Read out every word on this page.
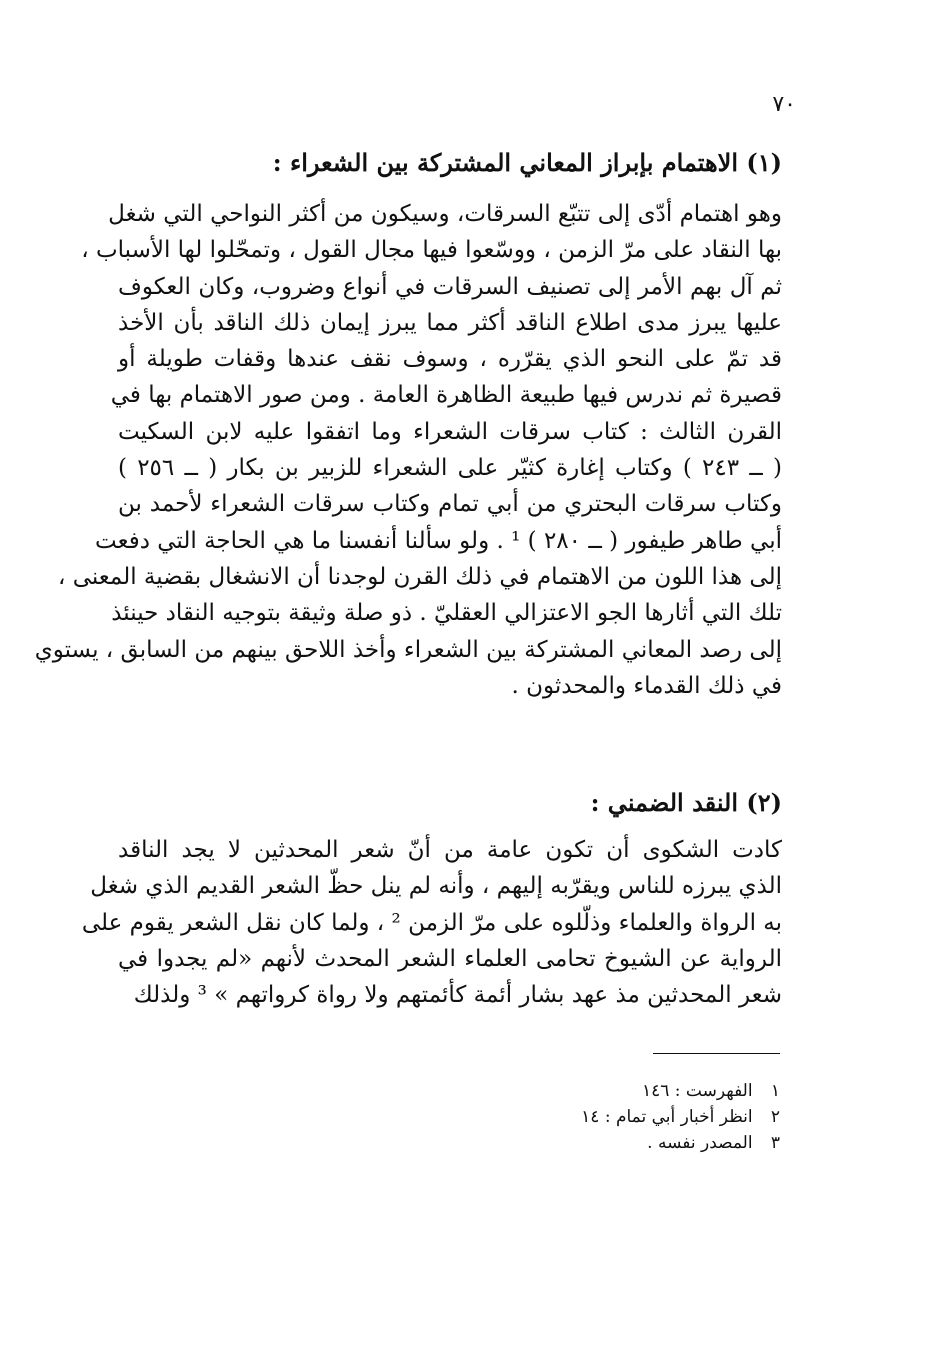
٧٠
(١) الاهتمام بإبراز المعاني المشتركة بين الشعراء :
وهو اهتمام أدّى إلى تتبّع السرقات، وسيكون من أكثر النواحي التي شغل
بها النقاد على مرّ الزمن ، ووسّعوا فيها مجال القول ، وتمحّلوا لها الأسباب ،
ثم آل بهم الأمر إلى تصنيف السرقات في أنواع وضروب، وكان العكوف
عليها يبرز مدى اطلاع الناقد أكثر مما يبرز إيمان ذلك الناقد بأن الأخذ
قد تمّ على النحو الذي يقرّره ، وسوف نقف عندها وقفات طويلة أو
قصيرة ثم ندرس فيها طبيعة الظاهرة العامة . ومن صور الاهتمام بها في
القرن الثالث : كتاب سرقات الشعراء وما اتفقوا عليه لابن السكيت
( ــ ٢٤٣ ) وكتاب إغارة كثيّر على الشعراء للزبير بن بكار ( ــ ٢٥٦ )
وكتاب سرقات البحتري من أبي تمام وكتاب سرقات الشعراء لأحمد بن
أبي طاهر طيفور ( ــ ٢٨٠ ) ¹ . ولو سألنا أنفسنا ما هي الحاجة التي دفعت
إلى هذا اللون من الاهتمام في ذلك القرن لوجدنا أن الانشغال بقضية المعنى ،
تلك التي أثارها الجو الاعتزالي العقليّ . ذو صلة وثيقة بتوجيه النقاد حينئذ
إلى رصد المعاني المشتركة بين الشعراء وأخذ اللاحق بينهم من السابق ، يستوي
في ذلك القدماء والمحدثون .
(٢) النقد الضمني :
كادت الشكوى أن تكون عامة من أنّ شعر المحدثين لا يجد الناقد
الذي يبرزه للناس ويقرّبه إليهم ، وأنه لم ينل حظّ الشعر القديم الذي شغل
به الرواة والعلماء وذلّلوه على مرّ الزمن ² ، ولما كان نقل الشعر يقوم على
الرواية عن الشيوخ تحامى العلماء الشعر المحدث لأنهم «لم يجدوا في
شعر المحدثين مذ عهد بشار أئمة كأئمتهم ولا رواة كرواتهم » ³ ولذلك
١ الفهرست : ١٤٦
٢ انظر أخبار أبي تمام : ١٤
٣ المصدر نفسه .
